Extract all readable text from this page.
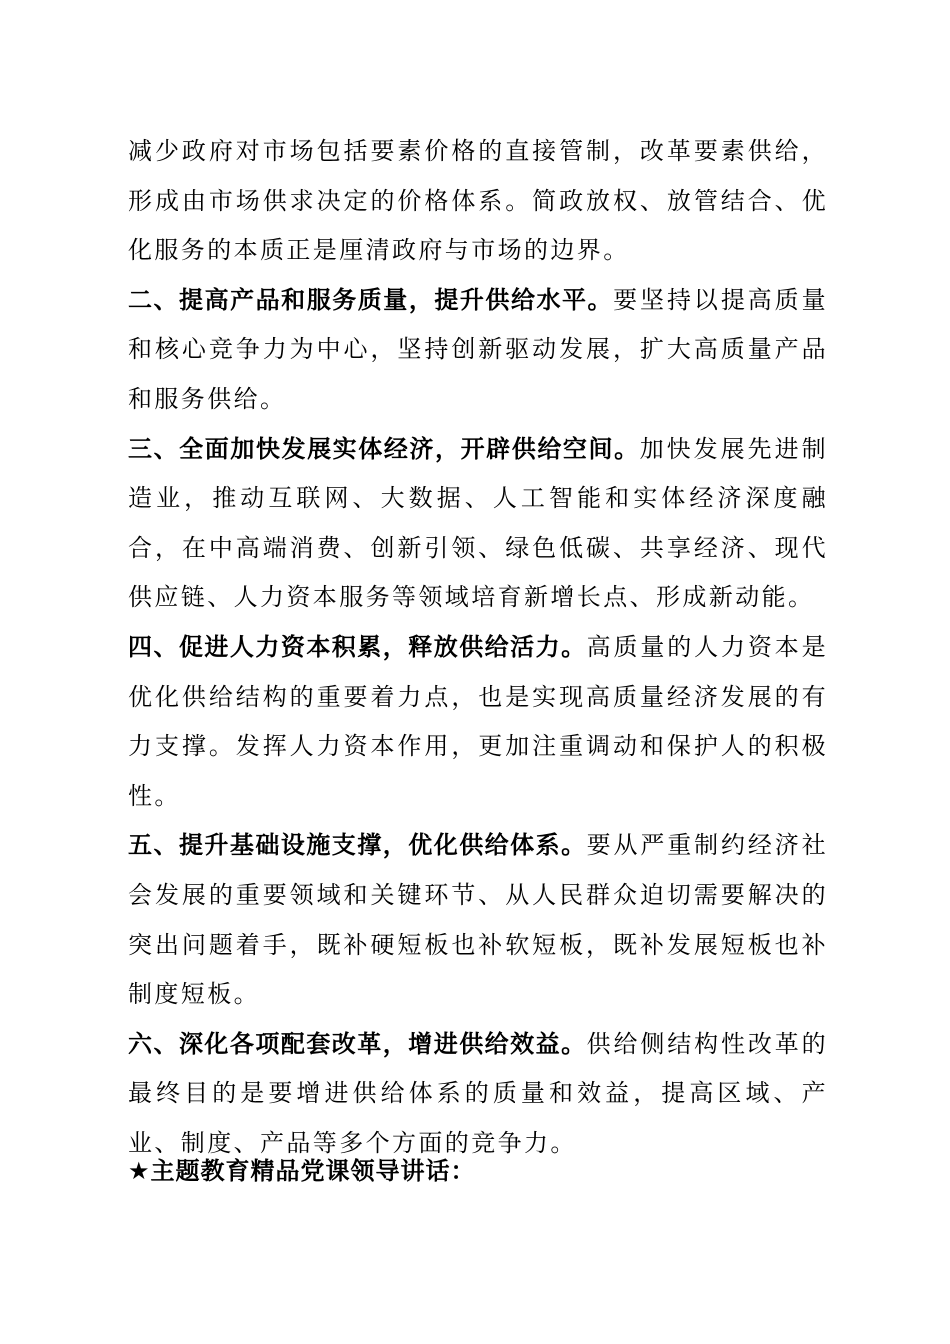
减少政府对市场包括要素价格的直接管制，改革要素供给，形成由市场供求决定的价格体系。简政放权、放管结合、优化服务的本质正是厘清政府与市场的边界。

二、提高产品和服务质量，提升供给水平。要坚持以提高质量和核心竞争力为中心，坚持创新驱动发展，扩大高质量产品和服务供给。

三、全面加快发展实体经济，开辟供给空间。加快发展先进制造业，推动互联网、大数据、人工智能和实体经济深度融合，在中高端消费、创新引领、绿色低碳、共享经济、现代供应链、人力资本服务等领域培育新增长点、形成新动能。

四、促进人力资本积累，释放供给活力。高质量的人力资本是优化供给结构的重要着力点，也是实现高质量经济发展的有力支撑。发挥人力资本作用，更加注重调动和保护人的积极性。

五、提升基础设施支撑，优化供给体系。要从严重制约经济社会发展的重要领域和关键环节、从人民群众迫切需要解决的突出问题着手，既补硬短板也补软短板，既补发展短板也补制度短板。

六、深化各项配套改革，增进供给效益。供给侧结构性改革的最终目的是要增进供给体系的质量和效益，提高区域、产业、制度、产品等多个方面的竞争力。

★主题教育精品党课领导讲话：
